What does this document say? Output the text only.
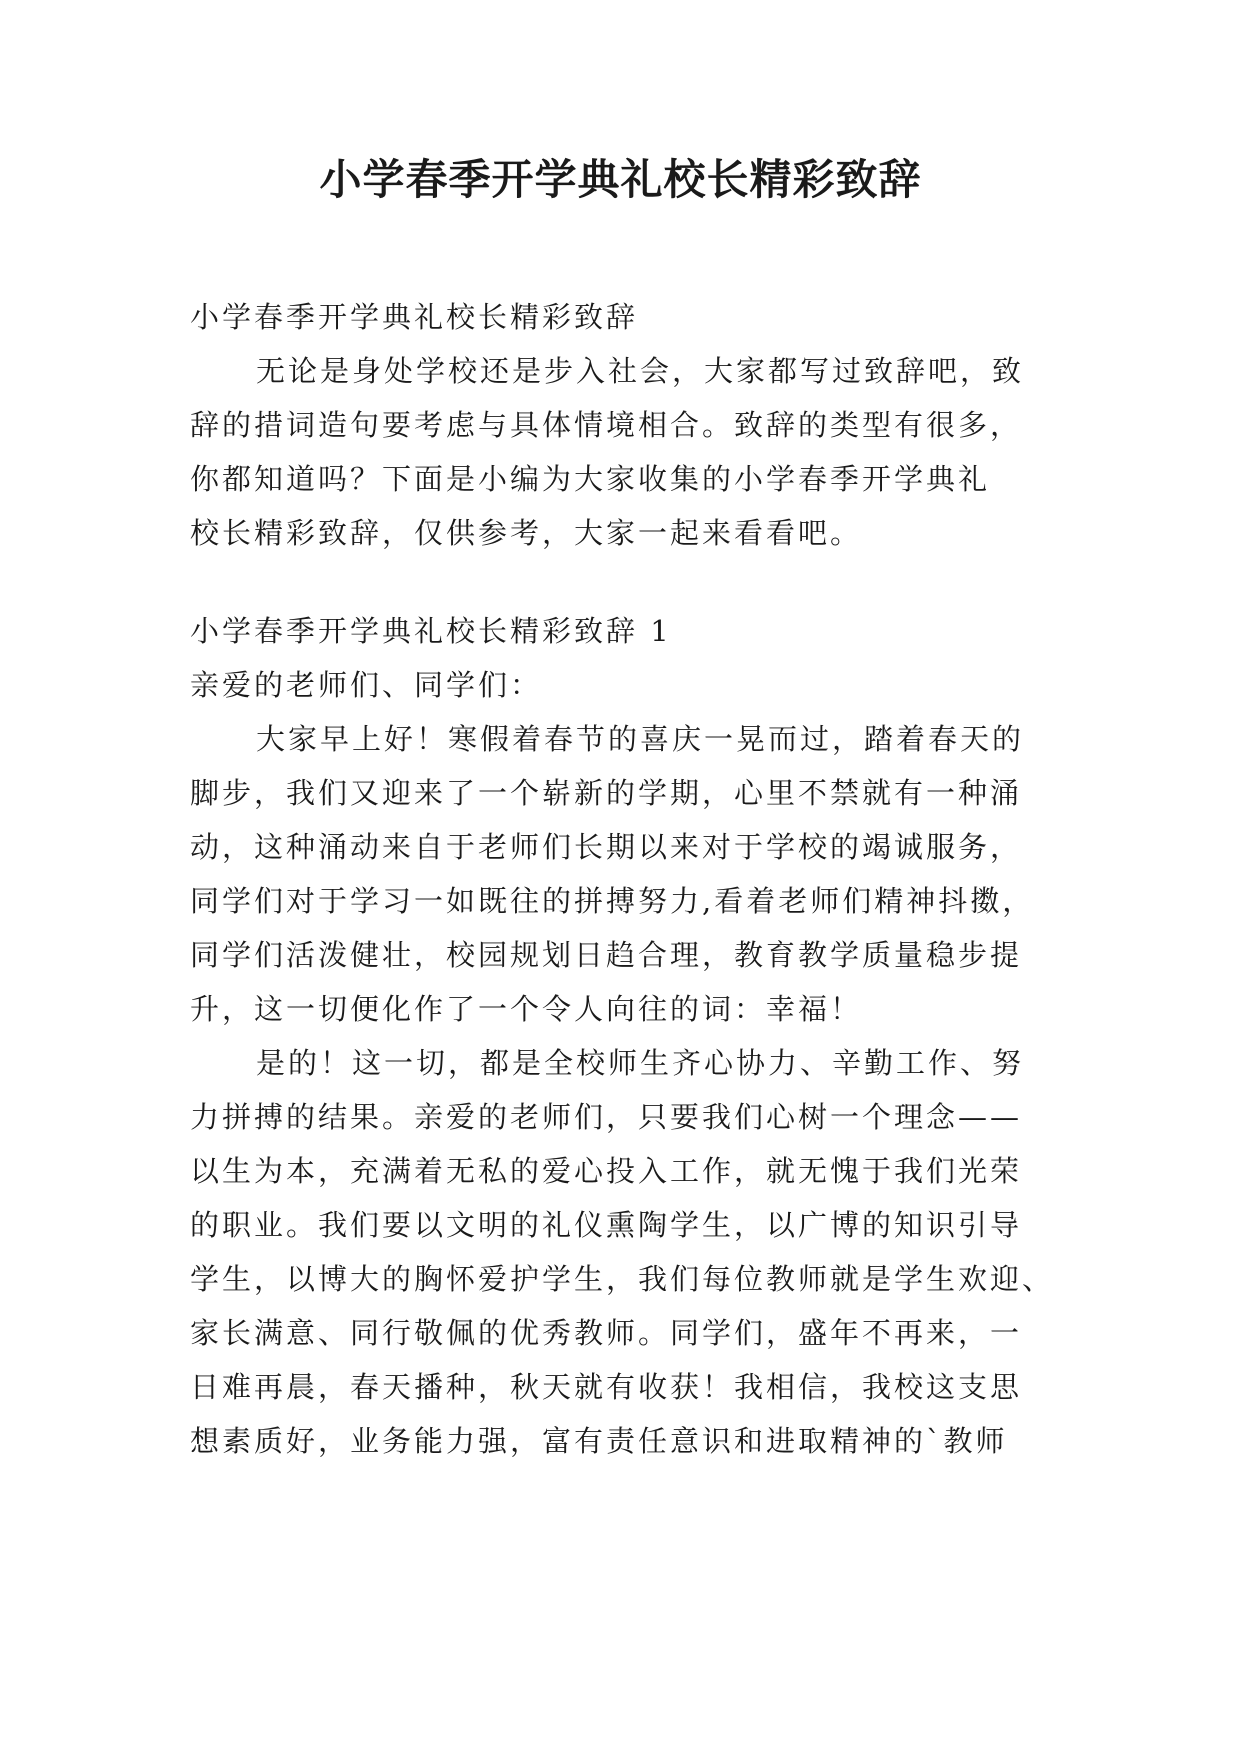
小学春季开学典礼校长精彩致辞
小学春季开学典礼校长精彩致辞
无论是身处学校还是步入社会，大家都写过致辞吧，致
辞的措词造句要考虑与具体情境相合。致辞的类型有很多，
你都知道吗？下面是小编为大家收集的小学春季开学典礼
校长精彩致辞，仅供参考，大家一起来看看吧。
小学春季开学典礼校长精彩致辞 1
亲爱的老师们、同学们：
大家早上好！寒假着春节的喜庆一晃而过，踏着春天的
脚步，我们又迎来了一个崭新的学期，心里不禁就有一种涌
动，这种涌动来自于老师们长期以来对于学校的竭诚服务，
同学们对于学习一如既往的拼搏努力,看着老师们精神抖擞，
同学们活泼健壮，校园规划日趋合理，教育教学质量稳步提
升，这一切便化作了一个令人向往的词：幸福！
是的！这一切，都是全校师生齐心协力、辛勤工作、努
力拼搏的结果。亲爱的老师们，只要我们心树一个理念——
以生为本，充满着无私的爱心投入工作，就无愧于我们光荣
的职业。我们要以文明的礼仪熏陶学生，以广博的知识引导
学生，以博大的胸怀爱护学生，我们每位教师就是学生欢迎、
家长满意、同行敬佩的优秀教师。同学们，盛年不再来，一
日难再晨，春天播种，秋天就有收获！我相信，我校这支思
想素质好，业务能力强，富有责任意识和进取精神的`教师
